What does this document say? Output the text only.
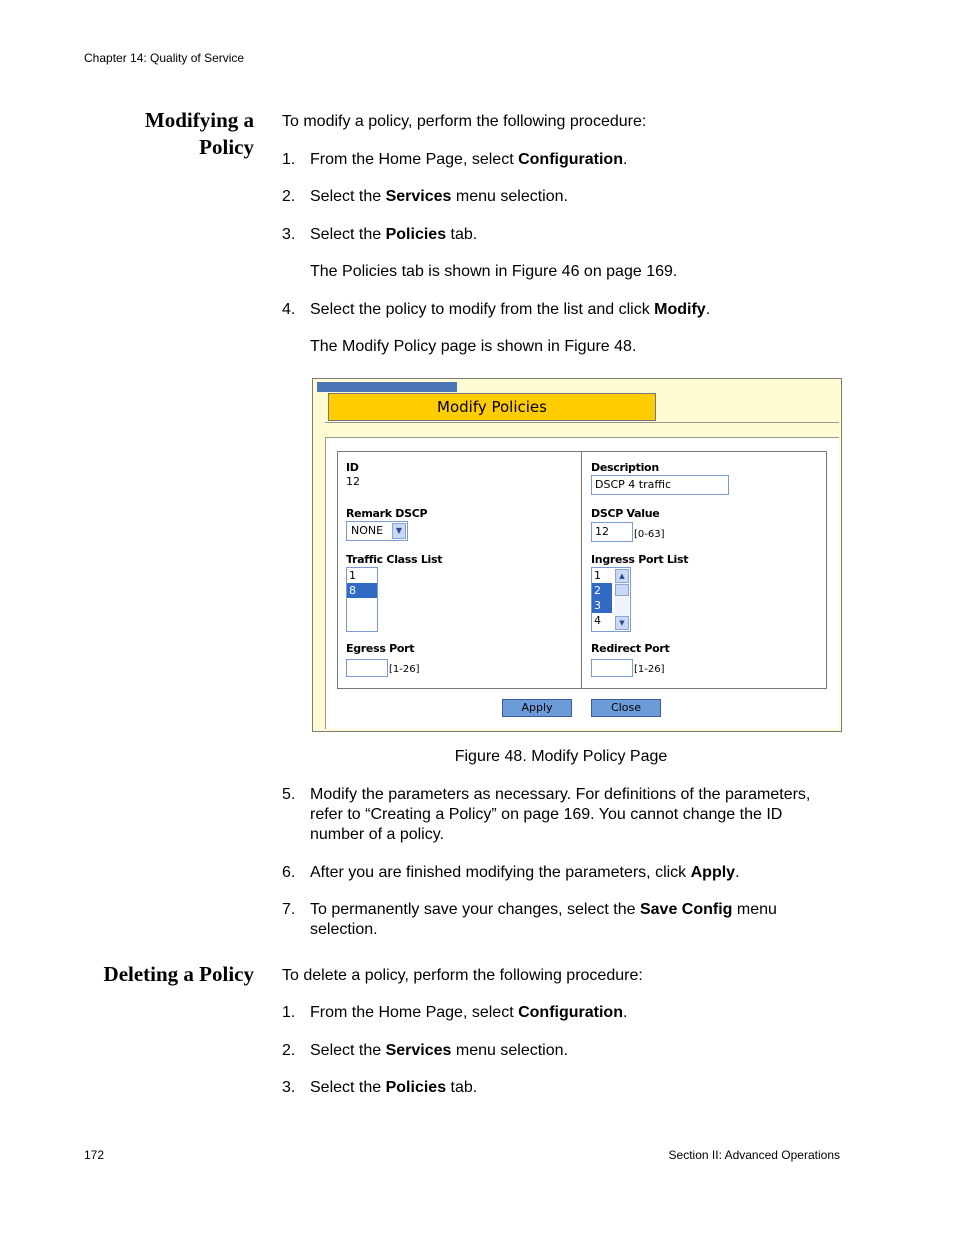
Chapter 14: Quality of Service
Modifying a
Policy
To modify a policy, perform the following procedure:
1. From the Home Page, select Configuration.
2. Select the Services menu selection.
3. Select the Policies tab.
The Policies tab is shown in Figure 46 on page 169.
4. Select the policy to modify from the list and click Modify.
The Modify Policy page is shown in Figure 48.
Modify Policies
ID
12
Remark DSCP
NONE	▼
Traffic Class List
1
8
Egress Port
[1-26]
Description
DSCP 4 traffic
DSCP Value
12	[0-63]
Ingress Port List
1
2
3
4
▲
▼
Redirect Port
[1-26]
Apply	Close
Figure 48. Modify Policy Page
5. Modify the parameters as necessary. For definitions of the parameters, refer to “Creating a Policy” on page 169. You cannot change the ID number of a policy.
6. After you are finished modifying the parameters, click Apply.
7. To permanently save your changes, select the Save Config menu selection.
Deleting a Policy To delete a policy, perform the following procedure:
1. From the Home Page, select Configuration.
2. Select the Services menu selection.
3. Select the Policies tab.
172	Section II: Advanced Operations
